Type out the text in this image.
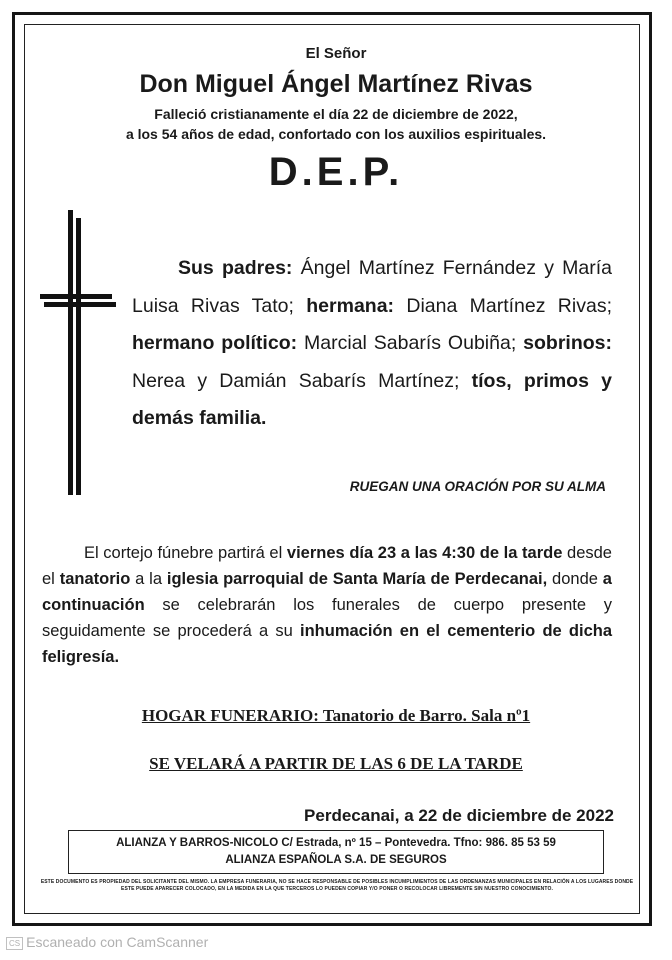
El Señor
Don Miguel Ángel Martínez Rivas
Falleció cristianamente el día 22 de diciembre de 2022,
a los 54 años de edad, confortado con los auxilios espirituales.
D.E.P.
Sus padres: Ángel Martínez Fernández y María Luisa Rivas Tato; hermana: Diana Martínez Rivas; hermano político: Marcial Sabarís Oubiña; sobrinos: Nerea y Damián Sabarís Martínez; tíos, primos y demás familia.
RUEGAN UNA ORACIÓN POR SU ALMA
El cortejo fúnebre partirá el viernes día 23 a las 4:30 de la tarde desde el tanatorio a la iglesia parroquial de Santa María de Perdecanai, donde a continuación se celebrarán los funerales de cuerpo presente y seguidamente se procederá a su inhumación en el cementerio de dicha feligresía.
HOGAR FUNERARIO: Tanatorio de Barro. Sala nº1
SE VELARÁ A PARTIR DE LAS 6 DE LA TARDE
Perdecanai, a 22 de diciembre de 2022
ALIANZA Y BARROS-NICOLO C/ Estrada, nº 15 – Pontevedra. Tfno: 986. 85 53 59
ALIANZA ESPAÑOLA S.A. DE SEGUROS
ESTE DOCUMENTO ES PROPIEDAD DEL SOLICITANTE DEL MISMO. LA EMPRESA FUNERARIA, NO SE HACE RESPONSABLE DE POSIBLES INCUMPLIMIENTOS DE LAS ORDENANZAS MUNICIPALES EN RELACIÓN A LOS LUGARES DONDE ESTE PUEDE APARECER COLOCADO, EN LA MEDIDA EN LA QUE TERCEROS LO PUEDEN COPIAR Y/O PONER O RECOLOCAR LIBREMENTE SIN NUESTRO CONOCIMIENTO.
CS Escaneado con CamScanner
